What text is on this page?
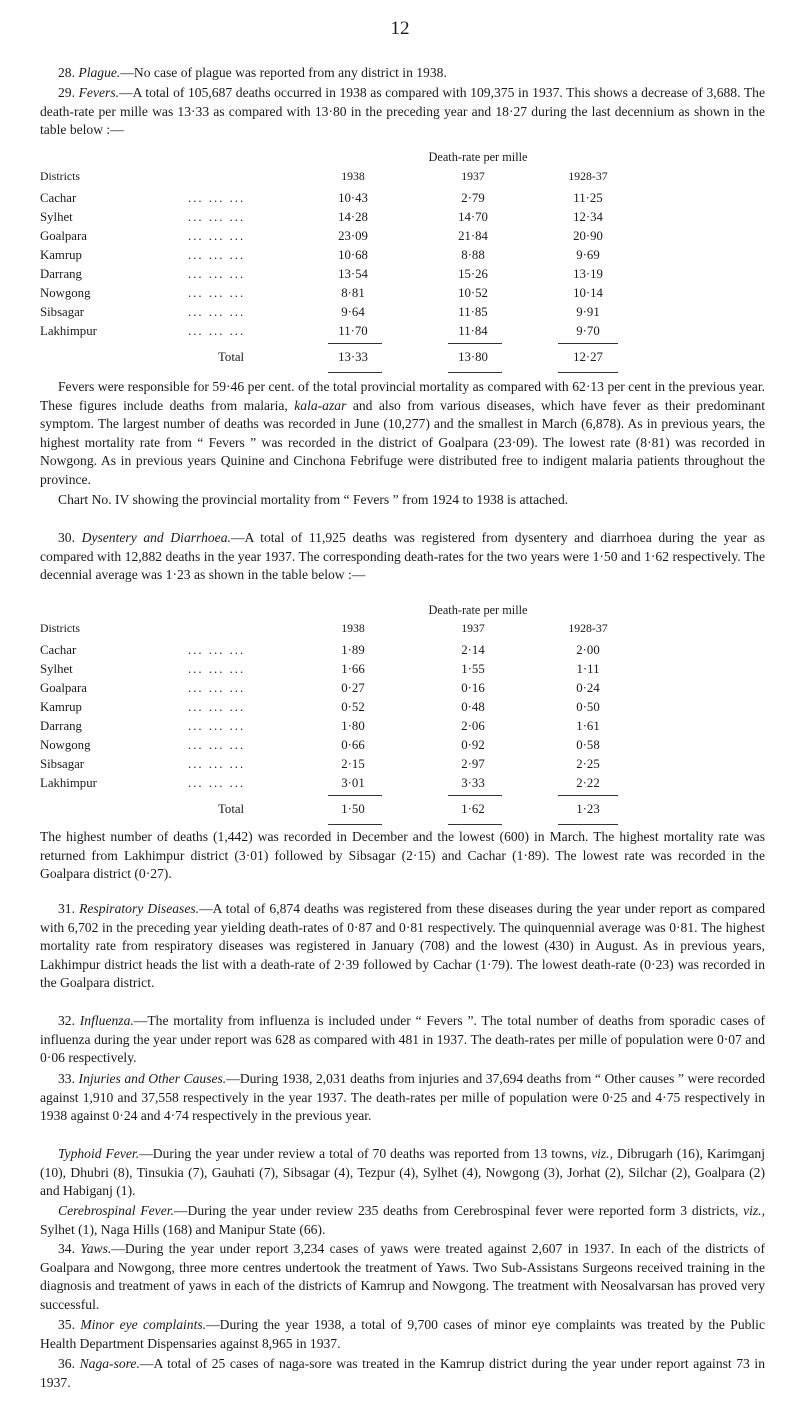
12

28. Plague.—No case of plague was reported from any district in 1938.

29. Fevers.—A total of 105,687 deaths occurred in 1938 as compared with 109,375 in 1937. This shows a decrease of 3,688. The death-rate per mille was 13·33 as compared with 13·80 in the preceding year and 18·27 during the last decennium as shown in the table below :—

Death-rate per mille
Districts	1938	1937	1928-37
Cachar	... ... ...	10·43	2·79	11·25
Sylhet	... ... ...	14·28	14·70	12·34
Goalpara	... ... ...	23·09	21·84	20·90
Kamrup	... ... ...	10·68	8·88	9·69
Darrang	... ... ...	13·54	15·26	13·19
Nowgong	... ... ...	8·81	10·52	10·14
Sibsagar	... ... ...	9·64	11·85	9·91
Lakhimpur	... ... ...	11·70	11·84	9·70
Total	13·33	13·80	12·27

Fevers were responsible for 59·46 per cent. of the total provincial mortality as compared with 62·13 per cent in the previous year. These figures include deaths from malaria, kala-azar and also from various diseases, which have fever as their predominant symptom. The largest number of deaths was recorded in June (10,277) and the smallest in March (6,878). As in previous years, the highest mortality rate from “ Fevers ” was recorded in the district of Goalpara (23·09). The lowest rate (8·81) was recorded in Nowgong. As in previous years Quinine and Cinchona Febrifuge were distributed free to indigent malaria patients throughout the province.

Chart No. IV showing the provincial mortality from “ Fevers ” from 1924 to 1938 is attached.

30. Dysentery and Diarrhoea.—A total of 11,925 deaths was registered from dysentery and diarrhoea during the year as compared with 12,882 deaths in the year 1937. The corresponding death-rates for the two years were 1·50 and 1·62 respectively. The decennial average was 1·23 as shown in the table below :—

Death-rate per mille
Districts	1938	1937	1928-37
Cachar	... ... ...	1·89	2·14	2·00
Sylhet	... ... ...	1·66	1·55	1·11
Goalpara	... ... ...	0·27	0·16	0·24
Kamrup	... ... ...	0·52	0·48	0·50
Darrang	... ... ...	1·80	2·06	1·61
Nowgong	... ... ...	0·66	0·92	0·58
Sibsagar	... ... ...	2·15	2·97	2·25
Lakhimpur	... ... ...	3·01	3·33	2·22
Total	1·50	1·62	1·23

The highest number of deaths (1,442) was recorded in December and the lowest (600) in March. The highest mortality rate was returned from Lakhimpur district (3·01) followed by Sibsagar (2·15) and Cachar (1·89). The lowest rate was recorded in the Goalpara district (0·27).

31. Respiratory Diseases.—A total of 6,874 deaths was registered from these diseases during the year under report as compared with 6,702 in the preceding year yielding death-rates of 0·87 and 0·81 respectively. The quinquennial average was 0·81. The highest mortality rate from respiratory diseases was registered in January (708) and the lowest (430) in August. As in previous years, Lakhimpur district heads the list with a death-rate of 2·39 followed by Cachar (1·79). The lowest death-rate (0·23) was recorded in the Goalpara district.

32. Influenza.—The mortality from influenza is included under “ Fevers ”. The total number of deaths from sporadic cases of influenza during the year under report was 628 as compared with 481 in 1937. The death-rates per mille of population were 0·07 and 0·06 respectively.

33. Injuries and Other Causes.—During 1938, 2,031 deaths from injuries and 37,694 deaths from “ Other causes ” were recorded against 1,910 and 37,558 respectively in the year 1937. The death-rates per mille of population were 0·25 and 4·75 respectively in 1938 against 0·24 and 4·74 respectively in the previous year.

Typhoid Fever.—During the year under review a total of 70 deaths was reported from 13 towns, viz., Dibrugarh (16), Karimganj (10), Dhubri (8), Tinsukia (7), Gauhati (7), Sibsagar (4), Tezpur (4), Sylhet (4), Nowgong (3), Jorhat (2), Silchar (2), Goalpara (2) and Habiganj (1).

Cerebrospinal Fever.—During the year under review 235 deaths from Cerebrospinal fever were reported form 3 districts, viz., Sylhet (1), Naga Hills (168) and Manipur State (66).

34. Yaws.—During the year under report 3,234 cases of yaws were treated against 2,607 in 1937. In each of the districts of Goalpara and Nowgong, three more centres undertook the treatment of Yaws. Two Sub-Assistans Surgeons received training in the diagnosis and treatment of yaws in each of the districts of Kamrup and Nowgong. The treatment with Neosalvarsan has proved very successful.

35. Minor eye complaints.—During the year 1938, a total of 9,700 cases of minor eye complaints was treated by the Public Health Department Dispensaries against 8,965 in 1937.

36. Naga-sore.—A total of 25 cases of naga-sore was treated in the Kamrup district during the year under report against 73 in 1937.
